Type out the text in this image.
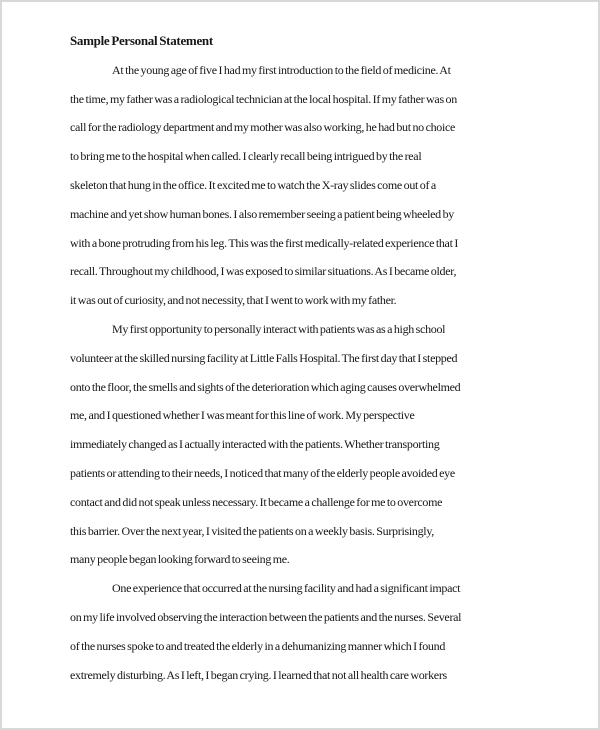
Sample Personal Statement
At the young age of five I had my first introduction to the field of medicine. At
the time, my father was a radiological technician at the local hospital. If my father was on
call for the radiology department and my mother was also working, he had but no choice
to bring me to the hospital when called. I clearly recall being intrigued by the real
skeleton that hung in the office. It excited me to watch the X-ray slides come out of a
machine and yet show human bones. I also remember seeing a patient being wheeled by
with a bone protruding from his leg. This was the first medically-related experience that I
recall. Throughout my childhood, I was exposed to similar situations. As I became older,
it was out of curiosity, and not necessity, that I went to work with my father.
My first opportunity to personally interact with patients was as a high school
volunteer at the skilled nursing facility at Little Falls Hospital. The first day that I stepped
onto the floor, the smells and sights of the deterioration which aging causes overwhelmed
me, and I questioned whether I was meant for this line of work. My perspective
immediately changed as I actually interacted with the patients. Whether transporting
patients or attending to their needs, I noticed that many of the elderly people avoided eye
contact and did not speak unless necessary. It became a challenge for me to overcome
this barrier. Over the next year, I visited the patients on a weekly basis. Surprisingly,
many people began looking forward to seeing me.
One experience that occurred at the nursing facility and had a significant impact
on my life involved observing the interaction between the patients and the nurses. Several
of the nurses spoke to and treated the elderly in a dehumanizing manner which I found
extremely disturbing. As I left, I began crying. I learned that not all health care workers
